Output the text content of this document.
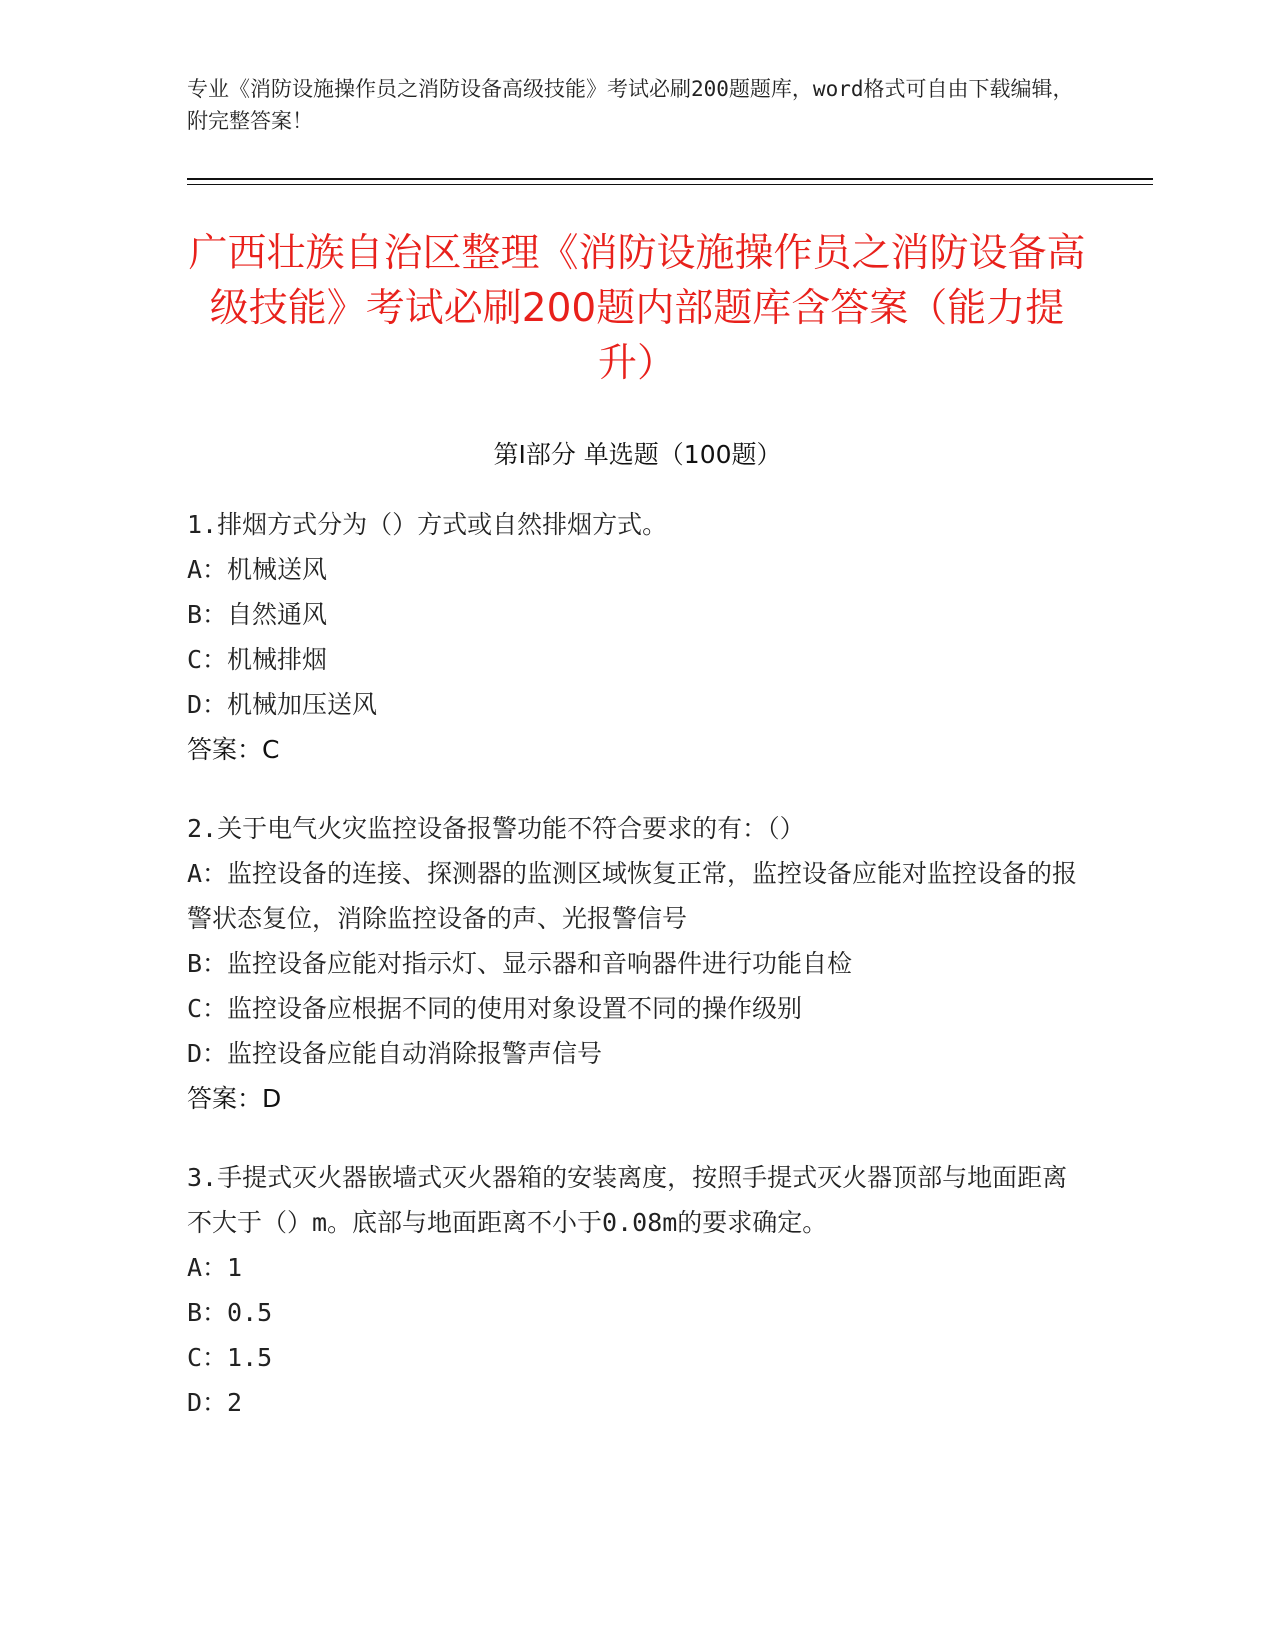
专业《消防设施操作员之消防设备高级技能》考试必刷200题题库，word格式可自由下载编辑，附完整答案！
广西壮族自治区整理《消防设施操作员之消防设备高级技能》考试必刷200题内部题库含答案（能力提升）
第I部分 单选题（100题）
1.排烟方式分为（）方式或自然排烟方式。
A：机械送风
B：自然通风
C：机械排烟
D：机械加压送风
答案：C
2.关于电气火灾监控设备报警功能不符合要求的有：（）
A：监控设备的连接、探测器的监测区域恢复正常，监控设备应能对监控设备的报警状态复位，消除监控设备的声、光报警信号
B：监控设备应能对指示灯、显示器和音响器件进行功能自检
C：监控设备应根据不同的使用对象设置不同的操作级别
D：监控设备应能自动消除报警声信号
答案：D
3.手提式灭火器嵌墙式灭火器箱的安装离度，按照手提式灭火器顶部与地面距离不大于（）m。底部与地面距离不小于0.08m的要求确定。
A：1
B：0.5
C：1.5
D：2
